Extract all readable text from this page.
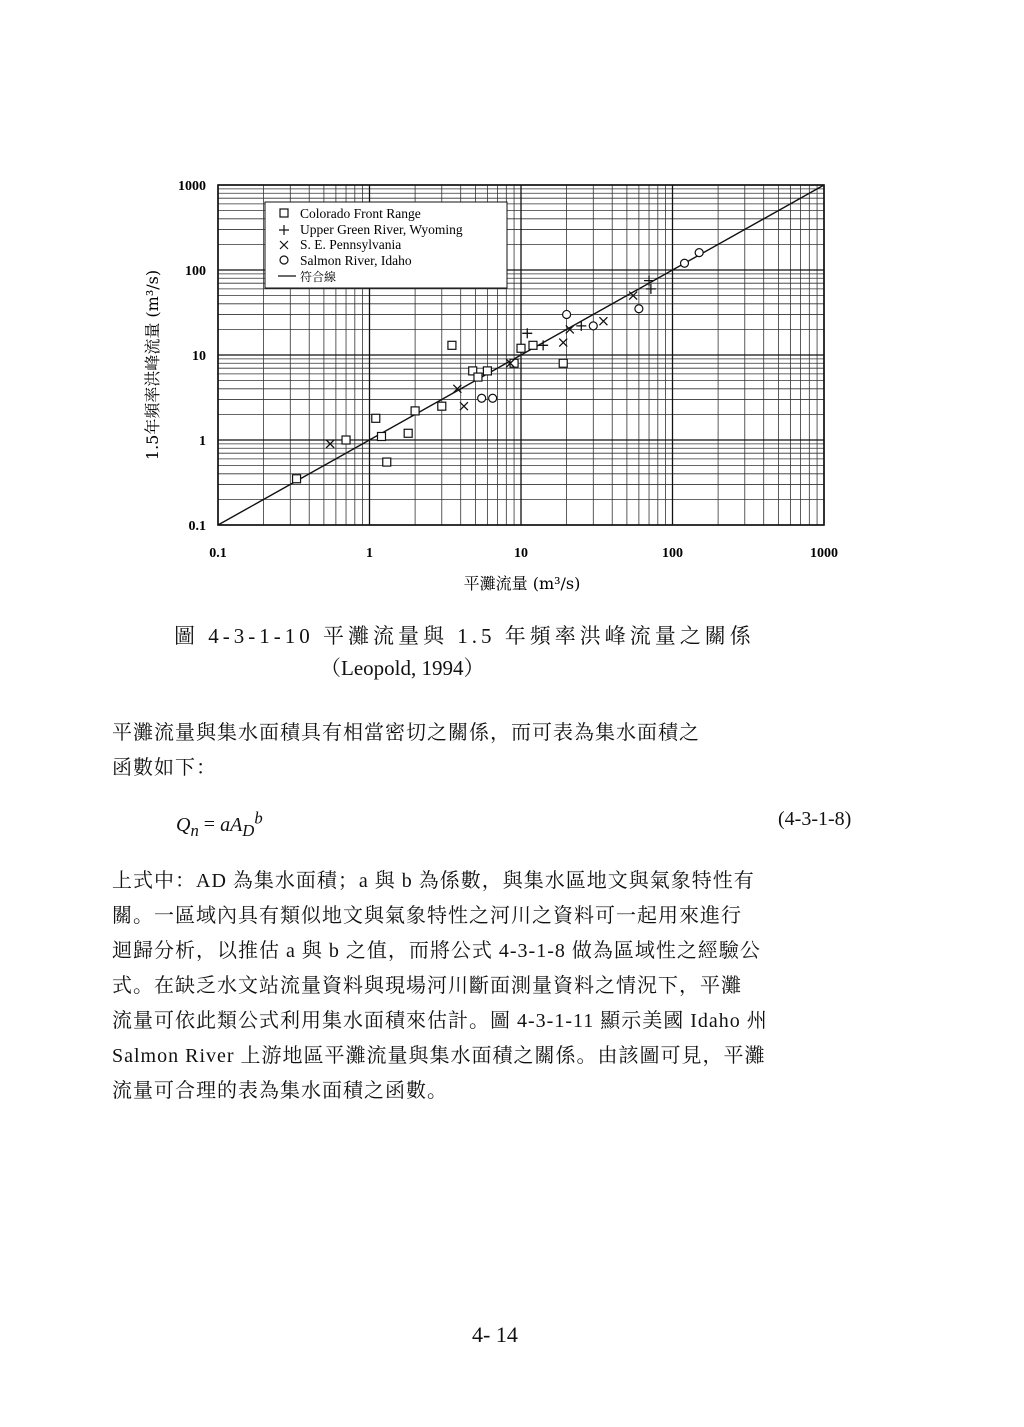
0.1	1	10	100	1000
0.1
1
10
100
1000
Colorado Front Range
Upper Green River, Wyoming
S. E. Pennsylvania
Salmon River, Idaho
符合線
平灘流量 (m³/s)
1.5年頻率洪峰流量 (m³/s)
圖 4-3-1-10 平灘流量與 1.5 年頻率洪峰流量之關係
（Leopold, 1994）
平灘流量與集水面積具有相當密切之關係，而可表為集水面積之
函數如下：
$Q_n = aA_D^b$	(4-3-1-8)
上式中：AD 為集水面積；a 與 b 為係數，與集水區地文與氣象特性有
關。一區域內具有類似地文與氣象特性之河川之資料可一起用來進行
迴歸分析，以推估 a 與 b 之值，而將公式 4-3-1-8 做為區域性之經驗公
式。在缺乏水文站流量資料與現場河川斷面測量資料之情況下，平灘
流量可依此類公式利用集水面積來估計。圖 4-3-1-11 顯示美國 Idaho 州
Salmon River 上游地區平灘流量與集水面積之關係。由該圖可見，平灘
流量可合理的表為集水面積之函數。
4- 14
